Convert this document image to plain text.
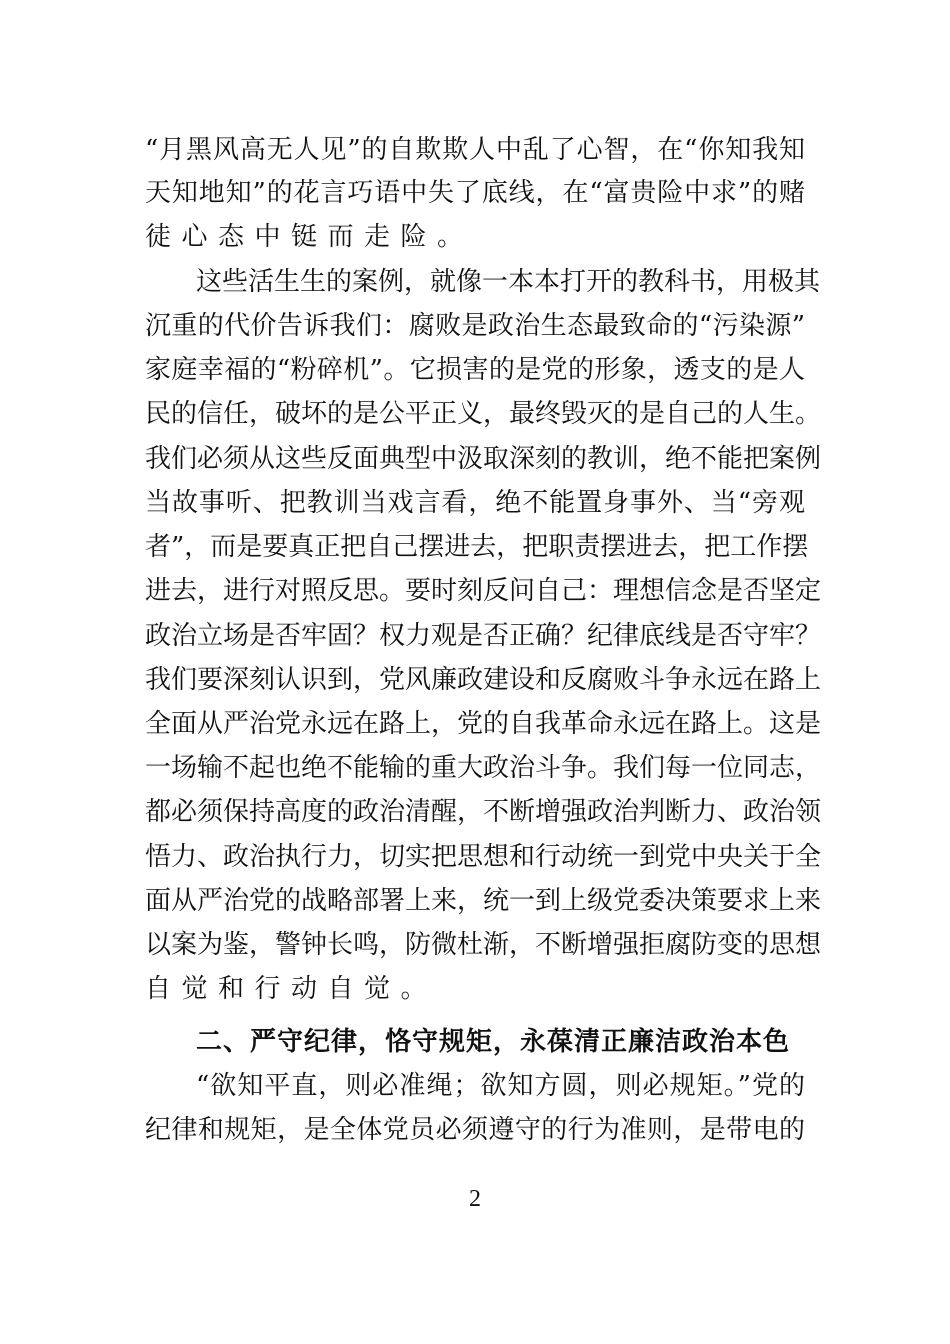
“月黑风高无人见”的自欺欺人中乱了心智，在“你知我知
天知地知”的花言巧语中失了底线，在“富贵险中求”的赌
徒心态中铤而走险。
这些活生生的案例，就像一本本打开的教科书，用极其
沉重的代价告诉我们：腐败是政治生态最致命的“污染源”
家庭幸福的“粉碎机”。它损害的是党的形象，透支的是人
民的信任，破坏的是公平正义，最终毁灭的是自己的人生。
我们必须从这些反面典型中汲取深刻的教训，绝不能把案例
当故事听、把教训当戏言看，绝不能置身事外、当“旁观
者”，而是要真正把自己摆进去，把职责摆进去，把工作摆
进去，进行对照反思。要时刻反问自己：理想信念是否坚定
政治立场是否牢固？权力观是否正确？纪律底线是否守牢？
我们要深刻认识到，党风廉政建设和反腐败斗争永远在路上
全面从严治党永远在路上，党的自我革命永远在路上。这是
一场输不起也绝不能输的重大政治斗争。我们每一位同志，
都必须保持高度的政治清醒，不断增强政治判断力、政治领
悟力、政治执行力，切实把思想和行动统一到党中央关于全
面从严治党的战略部署上来，统一到上级党委决策要求上来
以案为鉴，警钟长鸣，防微杜渐，不断增强拒腐防变的思想
自觉和行动自觉。
二、严守纪律，恪守规矩，永葆清正廉洁政治本色
“欲知平直，则必准绳；欲知方圆，则必规矩。”党的
纪律和规矩，是全体党员必须遵守的行为准则，是带电的
2
